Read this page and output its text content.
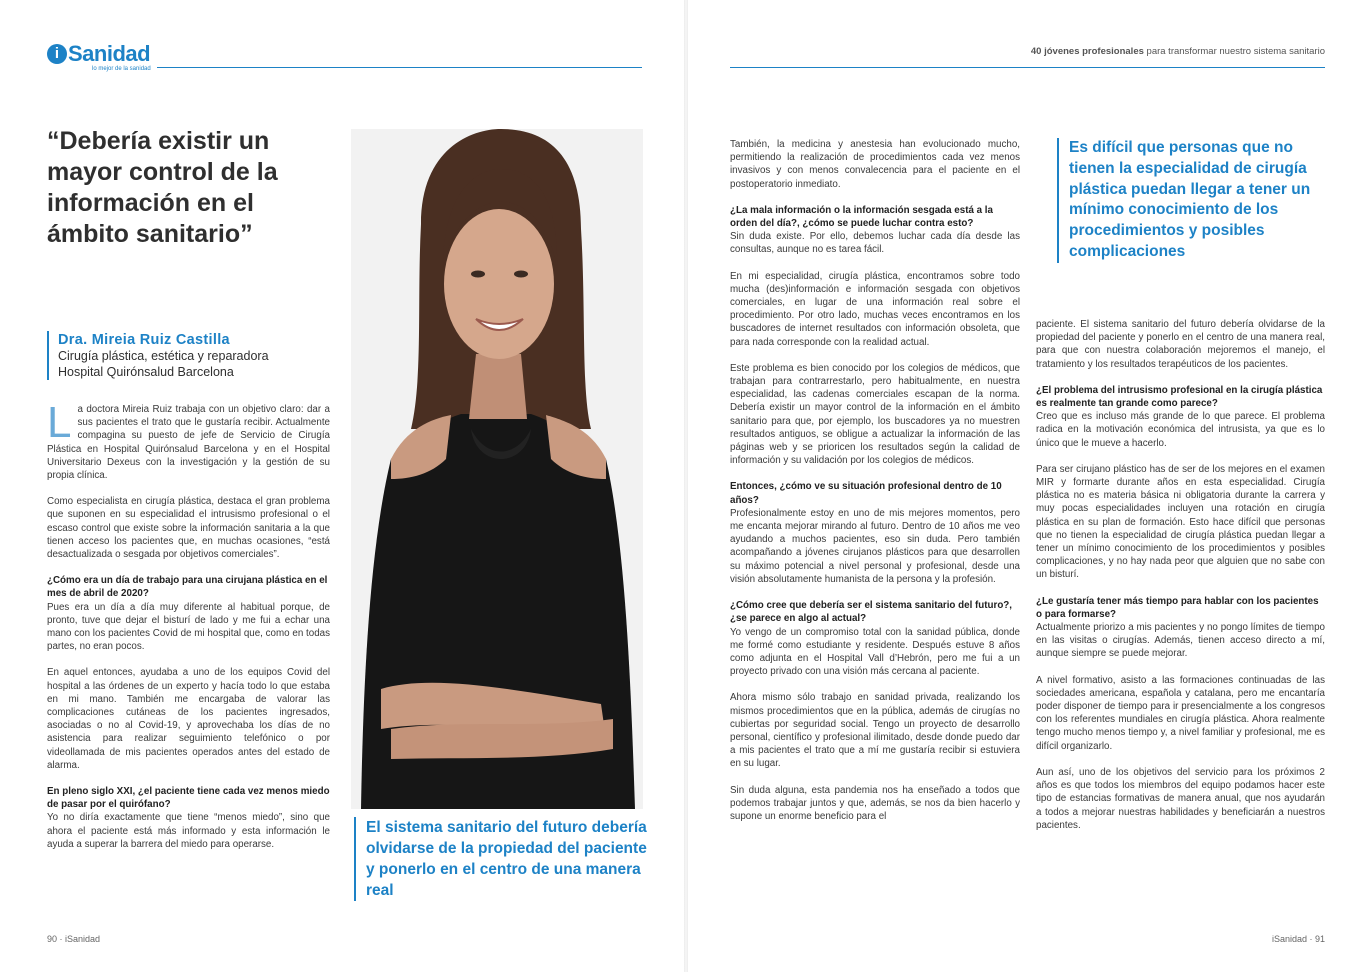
i Sanidad
lo mejor de la sanidad
40 jóvenes profesionales para transformar nuestro sistema sanitario
“Debería existir un mayor control de la información en el ámbito sanitario”
Dra. Mireia Ruiz Castilla
Cirugía plástica, estética y reparadora
Hospital Quirónsalud Barcelona

La doctora Mireia Ruiz trabaja con un objetivo claro: dar a sus pacientes el trato que le gustaría recibir. Actualmente compagina su puesto de jefe de Servicio de Cirugía Plástica en Hospital Quirónsalud Barcelona y en el Hospital Universitario Dexeus con la investigación y la gestión de su propia clínica.

Como especialista en cirugía plástica, destaca el gran problema que suponen en su especialidad el intrusismo profesional o el escaso control que existe sobre la información sanitaria a la que tienen acceso los pacientes que, en muchas ocasiones, “está desactualizada o sesgada por objetivos comerciales”.

¿Cómo era un día de trabajo para una cirujana plástica en el mes de abril de 2020?

Pues era un día a día muy diferente al habitual porque, de pronto, tuve que dejar el bisturí de lado y me fui a echar una mano con los pacientes Covid de mi hospital que, como en todas partes, no eran pocos.

En aquel entonces, ayudaba a uno de los equipos Covid del hospital a las órdenes de un experto y hacía todo lo que estaba en mi mano. También me encargaba de valorar las complicaciones cutáneas de los pacientes ingresados, asociadas o no al Covid-19, y aprovechaba los días de no asistencia para realizar seguimiento telefónico o por videollamada de mis pacientes operados antes del estado de alarma.

En pleno siglo XXI, ¿el paciente tiene cada vez menos miedo de pasar por el quirófano?

Yo no diría exactamente que tiene “menos miedo”, sino que ahora el paciente está más informado y esta información le ayuda a superar la barrera del miedo para operarse.

El sistema sanitario del futuro debería olvidarse de la propiedad del paciente y ponerlo en el centro de una manera real

También, la medicina y anestesia han evolucionado mucho, permitiendo la realización de procedimientos cada vez menos invasivos y con menos convalecencia para el paciente en el postoperatorio inmediato.

¿La mala información o la información sesgada está a la orden del día?, ¿cómo se puede luchar contra esto?

Sin duda existe. Por ello, debemos luchar cada día desde las consultas, aunque no es tarea fácil.

En mi especialidad, cirugía plástica, encontramos sobre todo mucha (des)información e información sesgada con objetivos comerciales, en lugar de una información real sobre el procedimiento. Por otro lado, muchas veces encontramos en los buscadores de internet resultados con información obsoleta, que para nada corresponde con la realidad actual.

Este problema es bien conocido por los colegios de médicos, que trabajan para contrarrestarlo, pero habitualmente, en nuestra especialidad, las cadenas comerciales escapan de la norma. Debería existir un mayor control de la información en el ámbito sanitario para que, por ejemplo, los buscadores ya no muestren resultados antiguos, se obligue a actualizar la información de las páginas web y se prioricen los resultados según la calidad de información y su validación por los colegios de médicos.

Entonces, ¿cómo ve su situación profesional dentro de 10 años?

Profesionalmente estoy en uno de mis mejores momentos, pero me encanta mejorar mirando al futuro. Dentro de 10 años me veo ayudando a muchos pacientes, eso sin duda. Pero también acompañando a jóvenes cirujanos plásticos para que desarrollen su máximo potencial a nivel personal y profesional, desde una visión absolutamente humanista de la persona y la profesión.

¿Cómo cree que debería ser el sistema sanitario del futuro?, ¿se parece en algo al actual?

Yo vengo de un compromiso total con la sanidad pública, donde me formé como estudiante y residente. Después estuve 8 años como adjunta en el Hospital Vall d’Hebrón, pero me fui a un proyecto privado con una visión más cercana al paciente.

Ahora mismo sólo trabajo en sanidad privada, realizando los mismos procedimientos que en la pública, además de cirugías no cubiertas por seguridad social. Tengo un proyecto de desarrollo personal, científico y profesional ilimitado, desde donde puedo dar a mis pacientes el trato que a mí me gustaría recibir si estuviera en su lugar.

Sin duda alguna, esta pandemia nos ha enseñado a todos que podemos trabajar juntos y que, además, se nos da bien hacerlo y supone un enorme beneficio para el

Es difícil que personas que no tienen la especialidad de cirugía plástica puedan llegar a tener un mínimo conocimiento de los procedimientos y posibles complicaciones

paciente. El sistema sanitario del futuro debería olvidarse de la propiedad del paciente y ponerlo en el centro de una manera real, para que con nuestra colaboración mejoremos el manejo, el tratamiento y los resultados terapéuticos de los pacientes.

¿El problema del intrusismo profesional en la cirugía plástica es realmente tan grande como parece?

Creo que es incluso más grande de lo que parece. El problema radica en la motivación económica del intrusista, ya que es lo único que le mueve a hacerlo.

Para ser cirujano plástico has de ser de los mejores en el examen MIR y formarte durante años en esta especialidad. Cirugía plástica no es materia básica ni obligatoria durante la carrera y muy pocas especialidades incluyen una rotación en cirugía plástica en su plan de formación. Esto hace difícil que personas que no tienen la especialidad de cirugía plástica puedan llegar a tener un mínimo conocimiento de los procedimientos y posibles complicaciones, y no hay nada peor que alguien que no sabe con un bisturí.

¿Le gustaría tener más tiempo para hablar con los pacientes o para formarse?

Actualmente priorizo a mis pacientes y no pongo límites de tiempo en las visitas o cirugías. Además, tienen acceso directo a mí, aunque siempre se puede mejorar.

A nivel formativo, asisto a las formaciones continuadas de las sociedades americana, española y catalana, pero me encantaría poder disponer de tiempo para ir presencialmente a los congresos con los referentes mundiales en cirugía plástica. Ahora realmente tengo mucho menos tiempo y, a nivel familiar y profesional, me es difícil organizarlo.

Aun así, uno de los objetivos del servicio para los próximos 2 años es que todos los miembros del equipo podamos hacer este tipo de estancias formativas de manera anual, que nos ayudarán a todos a mejorar nuestras habilidades y beneficiarán a nuestros pacientes.

90 · iSanidad	iSanidad · 91
